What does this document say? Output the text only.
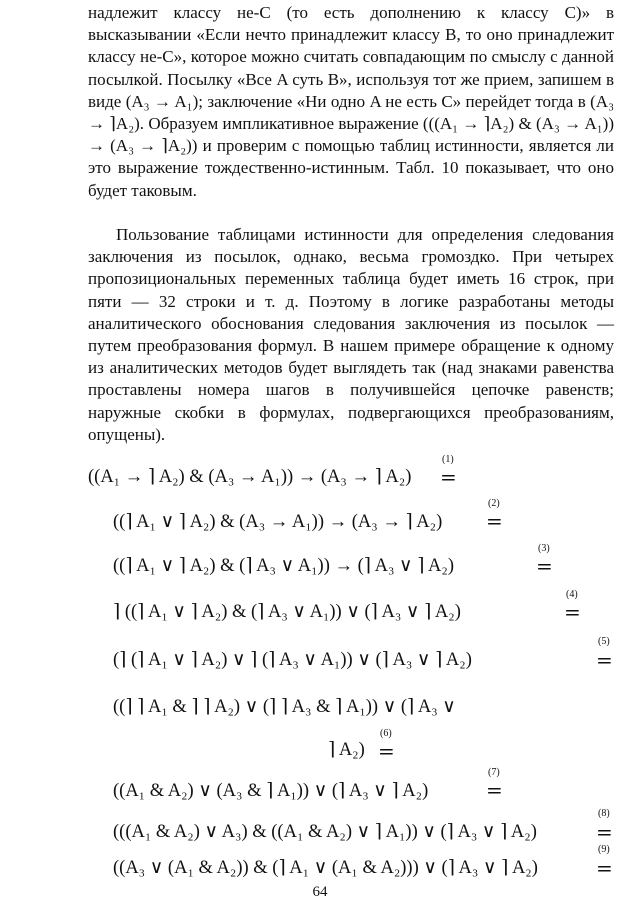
надлежит классу не-C (то есть дополнению к классу C)» в высказывании «Если нечто принадлежит классу B, то оно принадлежит классу не-C», которое можно считать совпадающим по смыслу с данной посылкой. Посылку «Все A суть B», используя тот же прием, запишем в виде (A₃ → A₁); заключение «Ни одно A не есть C» перейдет тогда в (A₃ → ⌉A₂). Образуем импликативное выражение (((A₁ → ⌉A₂) & (A₃ → A₁)) → (A₃ → ⌉A₂)) и проверим с помощью таблиц истинности, является ли это выражение тождественно-истинным. Табл. 10 показывает, что оно будет таковым.

Пользование таблицами истинности для определения следования заключения из посылок, однако, весьма громоздко. При четырех пропозициональных переменных таблица будет иметь 16 строк, при пяти — 32 строки и т. д. Поэтому в логике разработаны методы аналитического обоснования следования заключения из посылок — путем преобразования формул. В нашем примере обращение к одному из аналитических методов будет выглядеть так (над знаками равенства проставлены номера шагов в получившейся цепочке равенств; наружные скобки в формулах, подвергающихся преобразованиям, опущены).

((A₁ → ⌉ A₂) & (A₃ → A₁)) → (A₃ → ⌉ A₂)
(1)
=
((⌉ A₁ ∨ ⌉ A₂) & (A₃ → A₁)) → (A₃ → ⌉ A₂)
(2)
=
((⌉ A₁ ∨ ⌉ A₂) & (⌉ A₃ ∨ A₁)) → (⌉ A₃ ∨ ⌉ A₂)
(3)
=
⌉ ((⌉ A₁ ∨ ⌉ A₂) & (⌉ A₃ ∨ A₁)) ∨ (⌉ A₃ ∨ ⌉ A₂)
(4)
=
(⌉ (⌉ A₁ ∨ ⌉ A₂) ∨ ⌉ (⌉ A₃ ∨ A₁)) ∨ (⌉ A₃ ∨ ⌉ A₂)
(5)
=
((⌉ ⌉ A₁ & ⌉ ⌉ A₂) ∨ (⌉ ⌉ A₃ & ⌉ A₁)) ∨ (⌉ A₃ ∨
⌉ A₂)
(6)
=
((A₁ & A₂) ∨ (A₃ & ⌉ A₁)) ∨ (⌉ A₃ ∨ ⌉ A₂)
(7)
=
(((A₁ & A₂) ∨ A₃) & ((A₁ & A₂) ∨ ⌉ A₁)) ∨ (⌉ A₃ ∨ ⌉ A₂)
(8)
=
((A₃ ∨ (A₁ & A₂)) & (⌉ A₁ ∨ (A₁ & A₂))) ∨ (⌉ A₃ ∨ ⌉ A₂)
(9)
=
64
